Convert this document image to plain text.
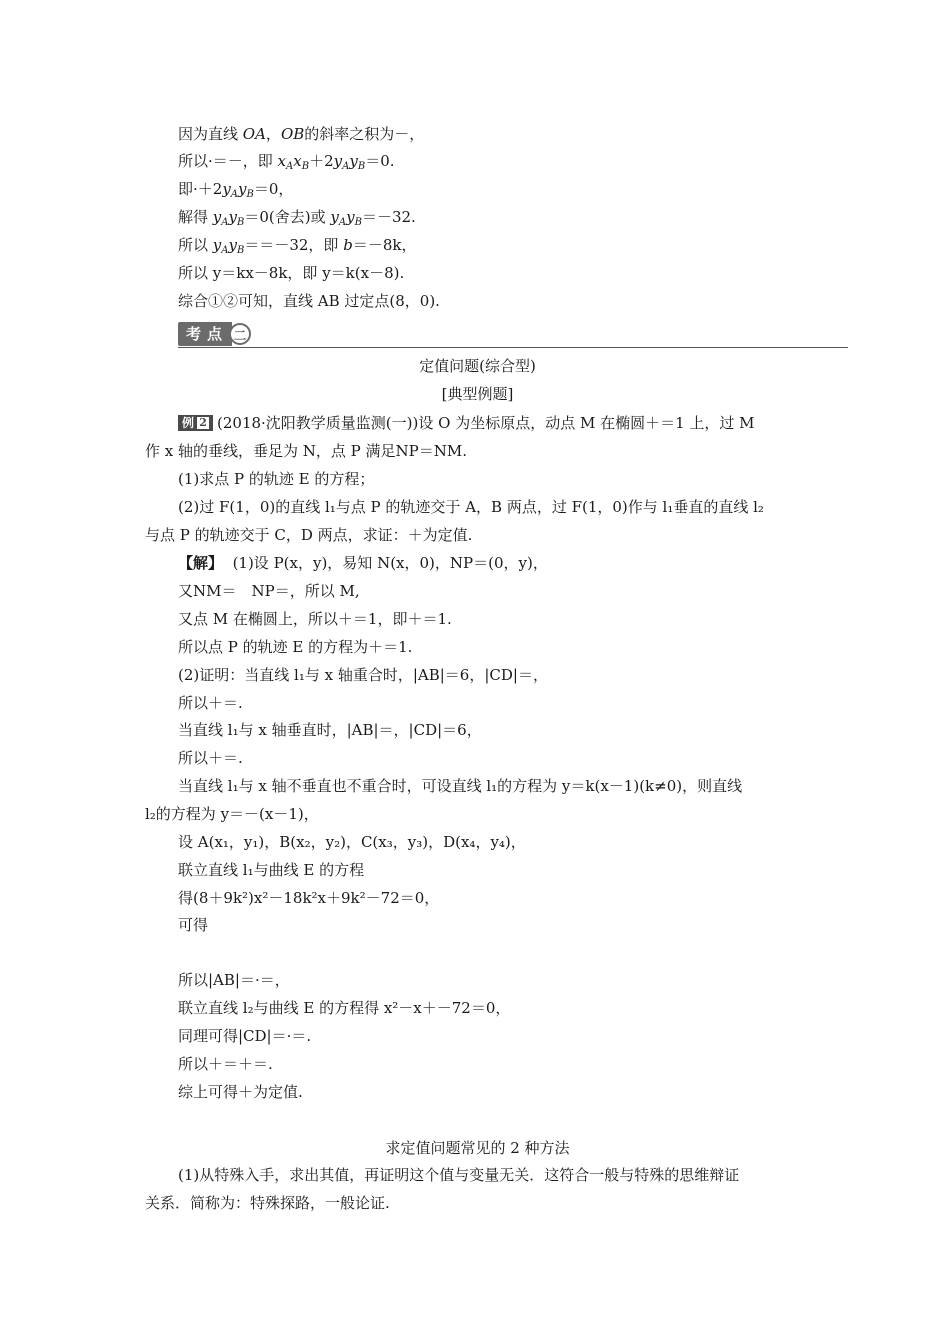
因为直线 OA，OB的斜率之积为－，
所以·＝－，即 $x_Ax_B+2y_Ay_B=0$.
即$\cdot+2y_Ay_B=0$，
解得 $y_Ay_B=0$(舍去)或 $y_Ay_B=-32$.
所以 $y_Ay_B==-32$，即 b＝－8k，
所以 y＝kx－8k，即 y＝k(x－8).
综合①②可知，直线 AB 过定点(8，0).
考点 二
定值问题(综合型)
[典型例题]
例 2 (2018·沈阳教学质量监测(一))设 O 为坐标原点，动点 M 在椭圆＋＝1 上，过 M
作 x 轴的垂线，垂足为 N，点 P 满足NP＝NM.
(1)求点 P 的轨迹 E 的方程；
(2)过 F(1，0)的直线 l₁与点 P 的轨迹交于 A，B 两点，过 F(1，0)作与 l₁垂直的直线 l₂
与点 P 的轨迹交于 C，D 两点，求证：＋为定值.
【解】 (1)设 P(x，y)，易知 N(x，0)，NP＝(0，y)，
又NM＝　NP＝，所以 M,
又点 M 在椭圆上，所以＋＝1，即＋＝1.
所以点 P 的轨迹 E 的方程为＋＝1.
(2)证明：当直线 l₁与 x 轴重合时，|AB|＝6，|CD|＝，
所以＋＝.
当直线 l₁与 x 轴垂直时，|AB|＝，|CD|＝6，
所以＋＝.
当直线 l₁与 x 轴不垂直也不重合时，可设直线 l₁的方程为 y＝k(x－1)(k≠0)，则直线
l₂的方程为 y＝－(x－1)，
设 A(x₁，y₁)，B(x₂，y₂)，C(x₃，y₃)，D(x₄，y₄)，
联立直线 l₁与曲线 E 的方程
得(8＋9k²)x²－18k²x＋9k²－72＝0，
可得
所以|AB|＝·＝，
联立直线 l₂与曲线 E 的方程得 x²－x＋－72＝0，
同理可得|CD|＝·＝.
所以＋＝＋＝.
综上可得＋为定值.
求定值问题常见的 2 种方法
(1)从特殊入手，求出其值，再证明这个值与变量无关．这符合一般与特殊的思维辩证
关系．简称为：特殊探路，一般论证.
